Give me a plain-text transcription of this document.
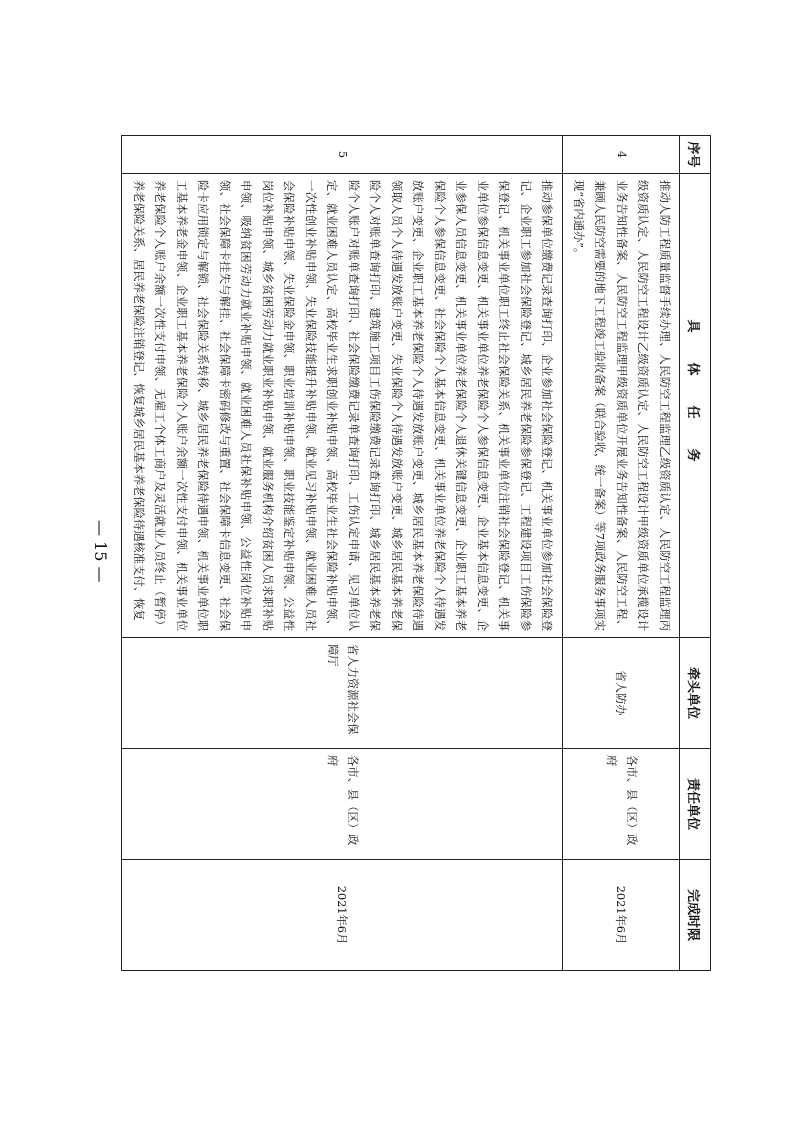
序号	具体任务	牵头单位	责任单位	完成时限
4	推动人防工程质量监督手续办理、人民防空工程监理乙级资质认定、人民防空工程监理丙级资质认定、人民防空工程设计乙级资质认定、人民防空工程设计甲级资质单位承揽设计业务告知性备案、人民防空工程监理甲级资质单位开展业务告知性备案、人民防空工程、兼顾人民防空需要的地下工程竣工验收备案（联合验收，统一备案）等7项政务服务事项实现“省内通办”。	省人防办	各市、县（区）政府	2021年6月
5	推动参保单位缴费记录查询打印、企业参加社会保险登记、机关事业单位参加社会保险登记、企业职工参加社会保险登记、城乡居民养老保险参保登记、工程建设项目工伤保险参保登记、机关事业单位职工终止社会保险关系、机关事业单位注销社会保险登记、机关事业单位参保信息变更、机关事业单位养老保险个人参保信息变更、企业基本信息变更、企业参保人员信息变更、机关事业单位养老保险个人退休关键信息变更、企业职工基本养老保险个人参保信息变更、社会保险个人基本信息变更、机关事业单位养老保险个人待遇发放账户变更、企业职工基本养老保险个人待遇发放账户变更、城乡居民基本养老保险待遇领取人员个人待遇发放账户变更、失业保险个人待遇发放账户变更、城乡居民基本养老保险个人对账单查询打印、建筑施工项目工伤保险缴费记录查询打印、城乡居民基本养老保险个人账户对账单查询打印、社会保险缴费记录单查询打印、工伤认定申请、见习单位认定、就业困难人员认定、高校毕业生求职创业补贴申领、高校毕业生社会保险补贴申领、一次性创业补贴申领、失业保险技能提升补贴申领、就业见习补贴申领、就业困难人员社会保险补贴申领、失业保险金申领、职业培训补贴申领、职业技能鉴定补贴申领、公益性岗位补贴申领、城乡贫困劳动力就业职业补贴申领、就业服务机构介绍贫困人员求职补贴申领、吸纳贫困劳动力就业补贴申领、就业困难人员社保补贴申领、公益性岗位补贴申领、社会保障卡挂失与解挂、社会保障卡密码修改与重置、社会保障卡信息变更、社会保险卡应用锁定与解锁、社会保险关系转移、城乡居民养老保险待遇申领、机关事业单位职工基本养老金申领、企业职工基本养老保险个人账户余额一次性支付申领、机关事业单位养老保险个人账户余额一次性支付申领、无雇工个体工商户及灵活就业人员终止（暂停）养老保险关系、居民养老保险注销登记、恢复城乡居民基本养老保险待遇核准支付、恢复	省人力资源社会保障厅	各市、县（区）政府	2021年6月
— 15 —
